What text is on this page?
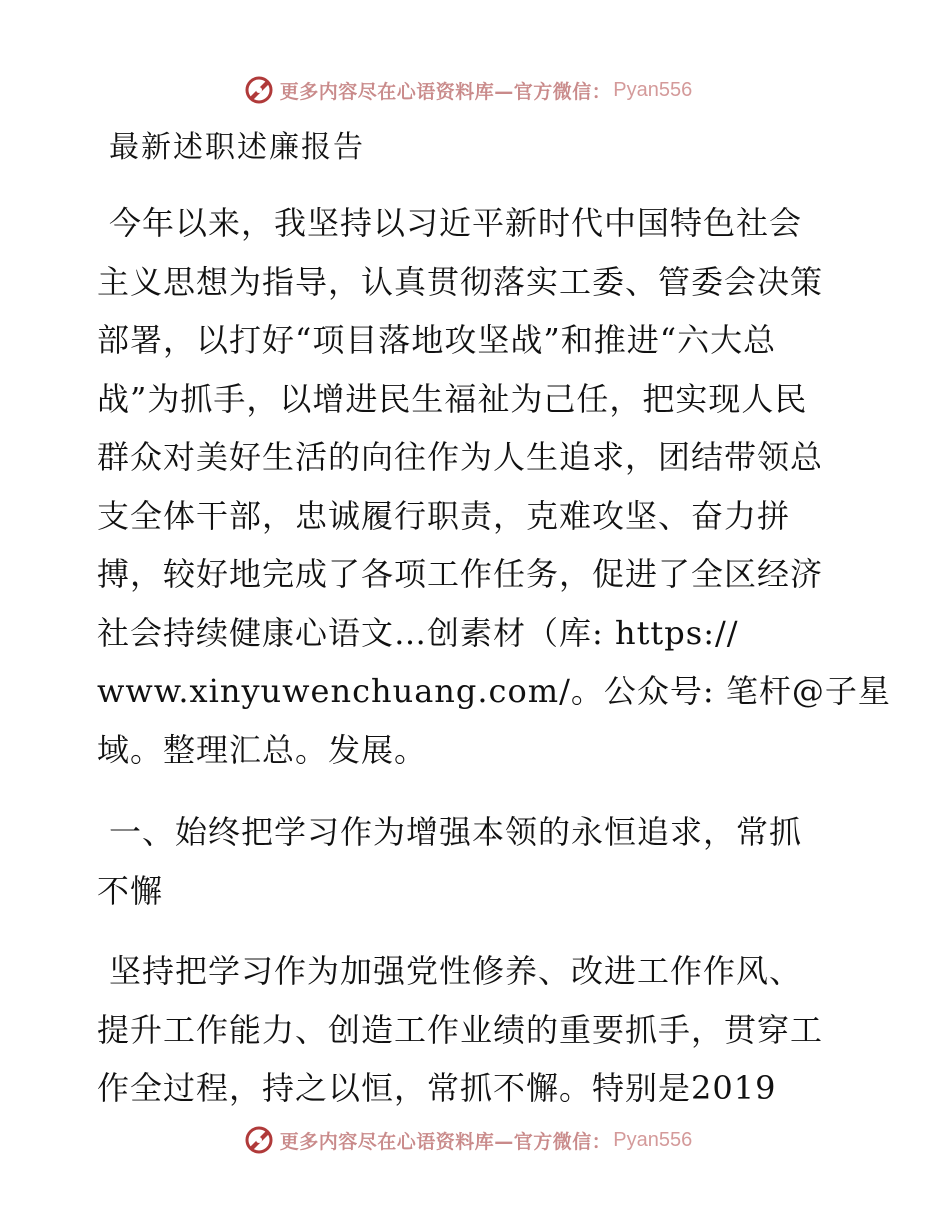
更多内容尽在心语资料库—官方微信： Pyan556
最新述职述廉报告
今年以来，我坚持以习近平新时代中国特色社会
主义思想为指导，认真贯彻落实工委、管委会决策
部署，以打好“项目落地攻坚战”和推进“六大总
战”为抓手，以增进民生福祉为己任，把实现人民
群众对美好生活的向往作为人生追求，团结带领总
支全体干部，忠诚履行职责，克难攻坚、奋力拼
搏，较好地完成了各项工作任务，促进了全区经济
社会持续健康心语文…创素材（库: https://
www.xinyuwenchuang.com/。公众号: 笔杆@子星
域。整理汇总。发展。
一、始终把学习作为增强本领的永恒追求，常抓
不懈
坚持把学习作为加强党性修养、改进工作作风、
提升工作能力、创造工作业绩的重要抓手，贯穿工
作全过程，持之以恒，常抓不懈。特别是2019
更多内容尽在心语资料库—官方微信： Pyan556
